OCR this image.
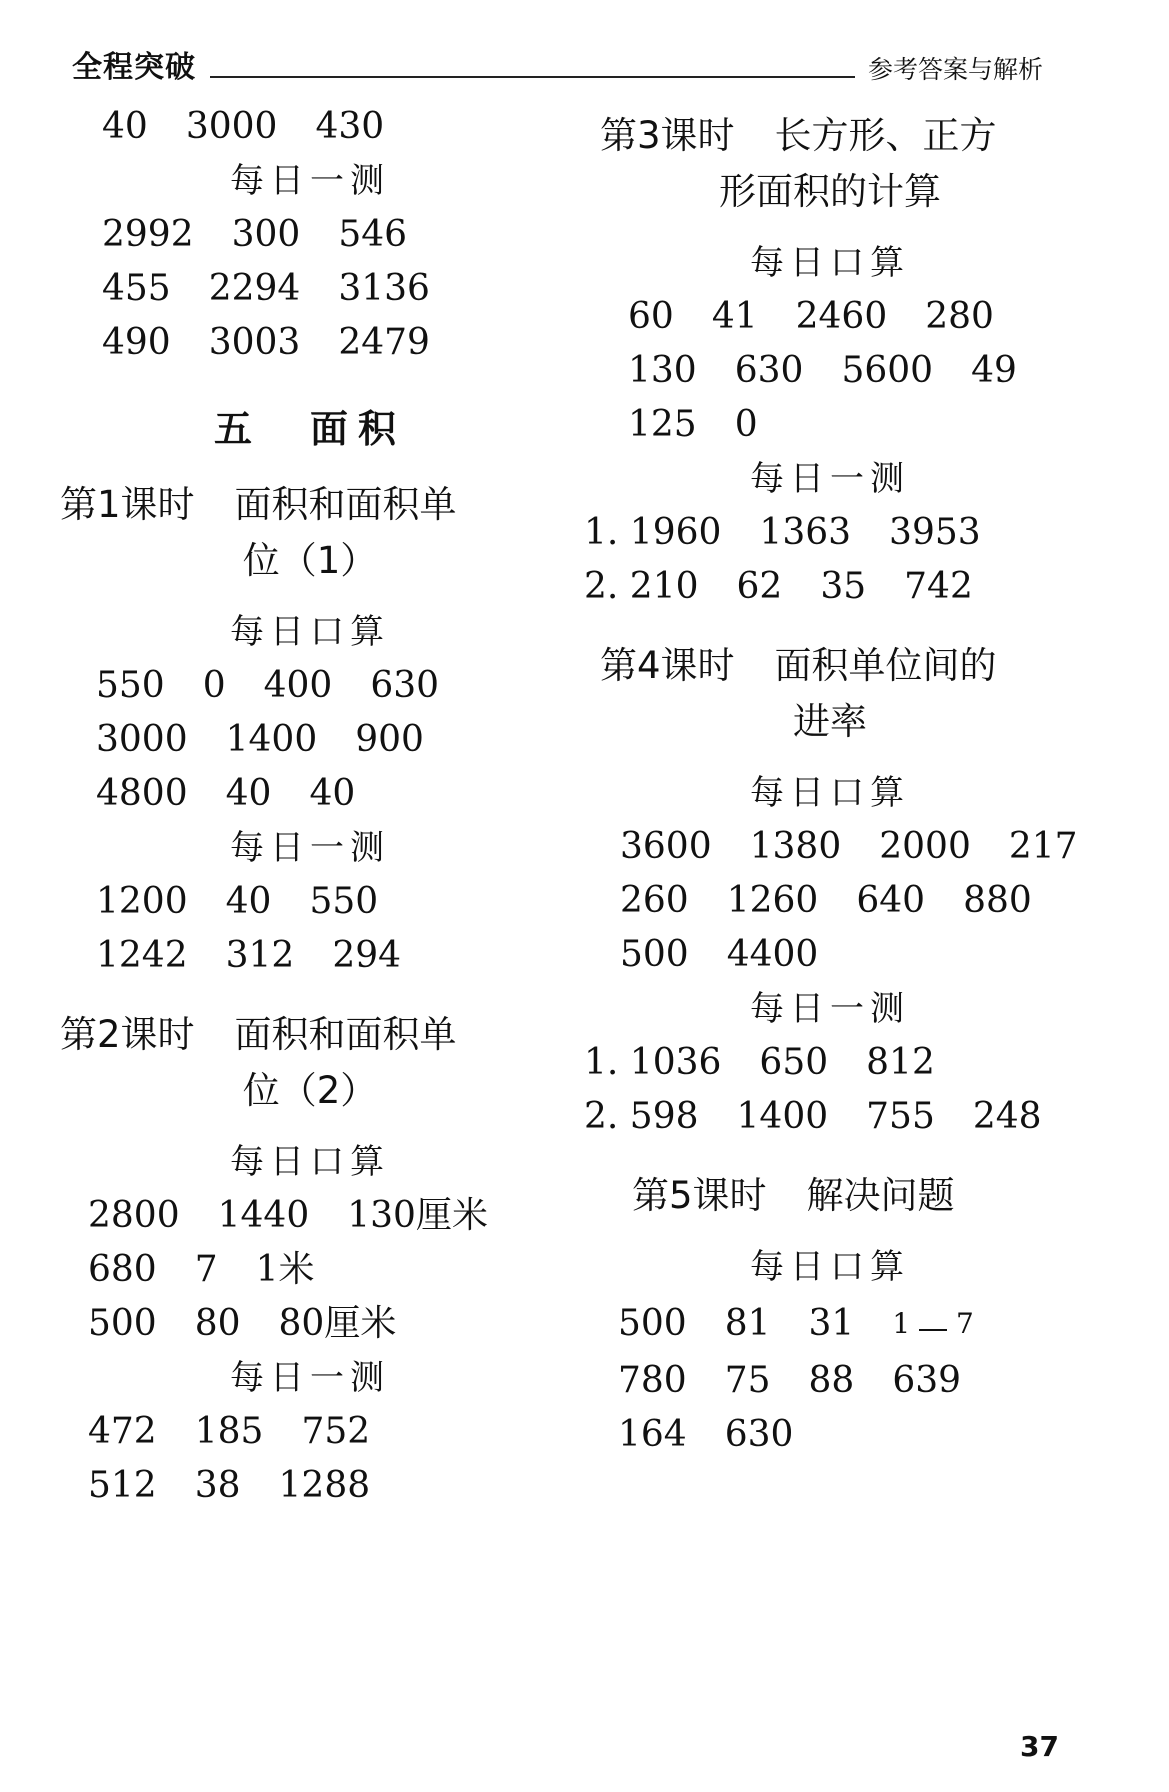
全程突破	参考答案与解析
40 3000 430
每日一测
2992 300 546
455 2294 3136
490 3003 2479
五　面积
第1课时 面积和面积单
位（1）
每日口算
550 0 400 630
3000 1400 900
4800 40 40
每日一测
1200 40 550
1242 312 294
第2课时 面积和面积单
位（2）
每日口算
2800 1440 130厘米
680 7 1米
500 80 80厘米
每日一测
472 185 752
512 38 1288
第3课时 长方形、正方
形面积的计算
每日口算
60 41 2460 280
130 630 5600 49
125 0
每日一测
1. 1960 1363 3953
2. 210 62 35 742
第4课时 面积单位间的
进率
每日口算
3600 1380 2000 217
260 1260 640 880
500 4400
每日一测
1. 1036 650 812
2. 598 1400 755 248
第5课时 解决问题
每日口算
500 81 31 1 7
780 75 88 639
164 630
37
